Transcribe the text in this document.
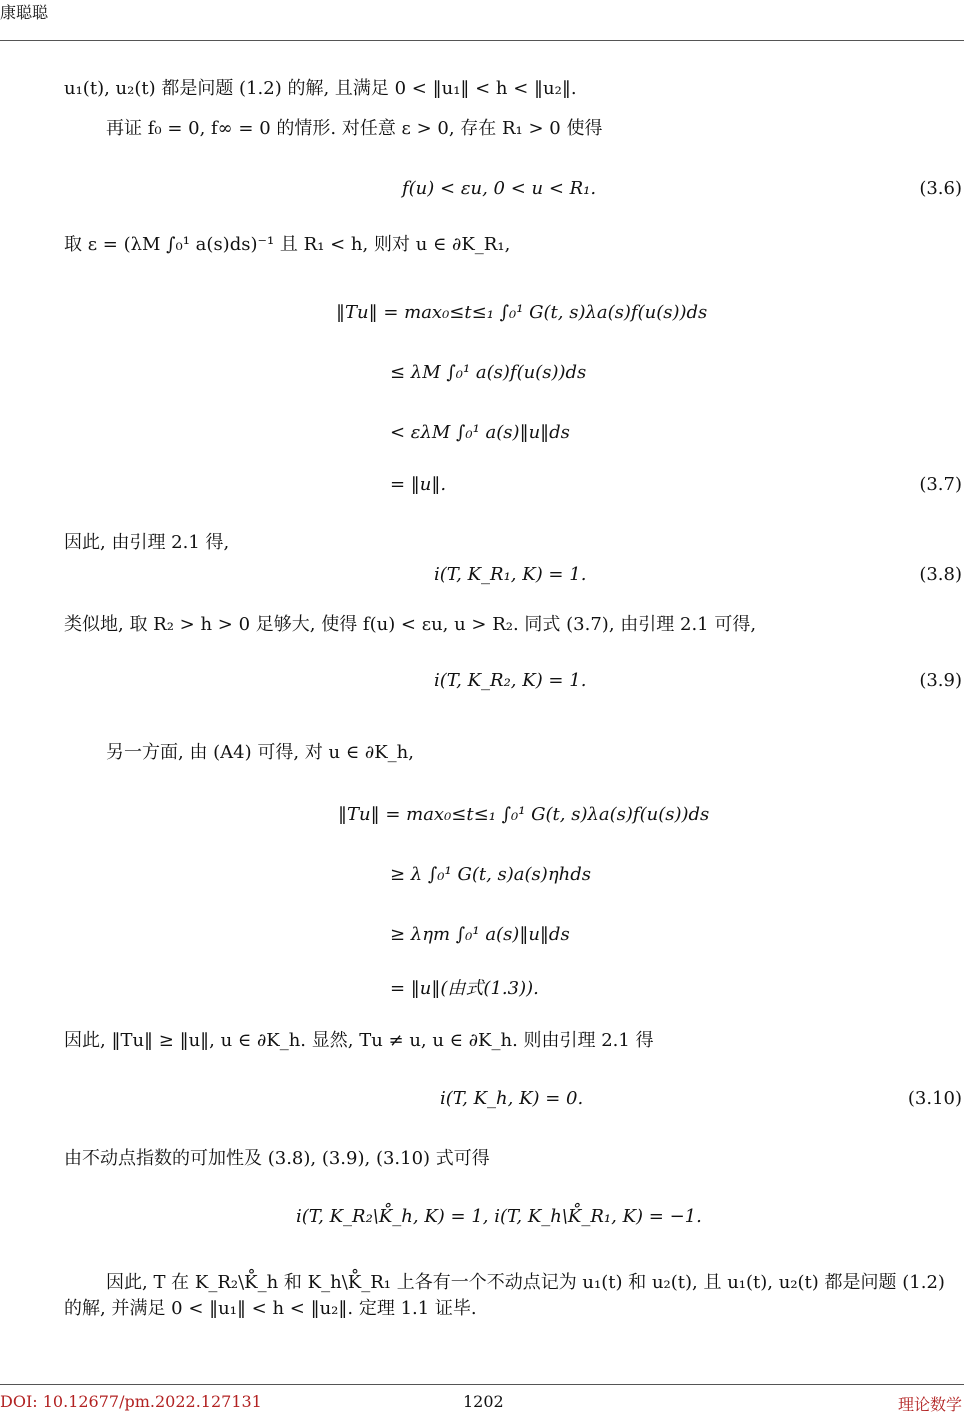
康聪聪
u₁(t), u₂(t) 都是问题 (1.2) 的解, 且满足 0 < ‖u₁‖ < h < ‖u₂‖.
再证 f₀ = 0, f∞ = 0 的情形. 对任意 ε > 0, 存在 R₁ > 0 使得
f(u) < εu, 0 < u < R₁.	(3.6)
取 ε = (λM ∫₀¹ a(s)ds)⁻¹ 且 R₁ < h, 则对 u ∈ ∂K_R₁,
‖Tu‖ = max₀≤t≤₁ ∫₀¹ G(t, s)λa(s)f(u(s))ds
≤ λM ∫₀¹ a(s)f(u(s))ds
< ελM ∫₀¹ a(s)‖u‖ds
= ‖u‖.	(3.7)
因此, 由引理 2.1 得,
i(T, K_R₁, K) = 1.	(3.8)
类似地, 取 R₂ > h > 0 足够大, 使得 f(u) < εu, u > R₂. 同式 (3.7), 由引理 2.1 可得,
i(T, K_R₂, K) = 1.	(3.9)
另一方面, 由 (A4) 可得, 对 u ∈ ∂K_h,
‖Tu‖ = max₀≤t≤₁ ∫₀¹ G(t, s)λa(s)f(u(s))ds
≥ λ ∫₀¹ G(t, s)a(s)ηhds
≥ ληm ∫₀¹ a(s)‖u‖ds
= ‖u‖(由式(1.3)).
因此, ‖Tu‖ ≥ ‖u‖, u ∈ ∂K_h. 显然, Tu ≠ u, u ∈ ∂K_h. 则由引理 2.1 得
i(T, K_h, K) = 0.	(3.10)
由不动点指数的可加性及 (3.8), (3.9), (3.10) 式可得
i(T, K_R₂\K̊_h, K) = 1, i(T, K_h\K̊_R₁, K) = −1.
因此, T 在 K_R₂\K̊_h 和 K_h\K̊_R₁ 上各有一个不动点记为 u₁(t) 和 u₂(t), 且 u₁(t), u₂(t) 都是问题 (1.2) 的解, 并满足 0 < ‖u₁‖ < h < ‖u₂‖. 定理 1.1 证毕.
DOI: 10.12677/pm.2022.127131	1202	理论数学
